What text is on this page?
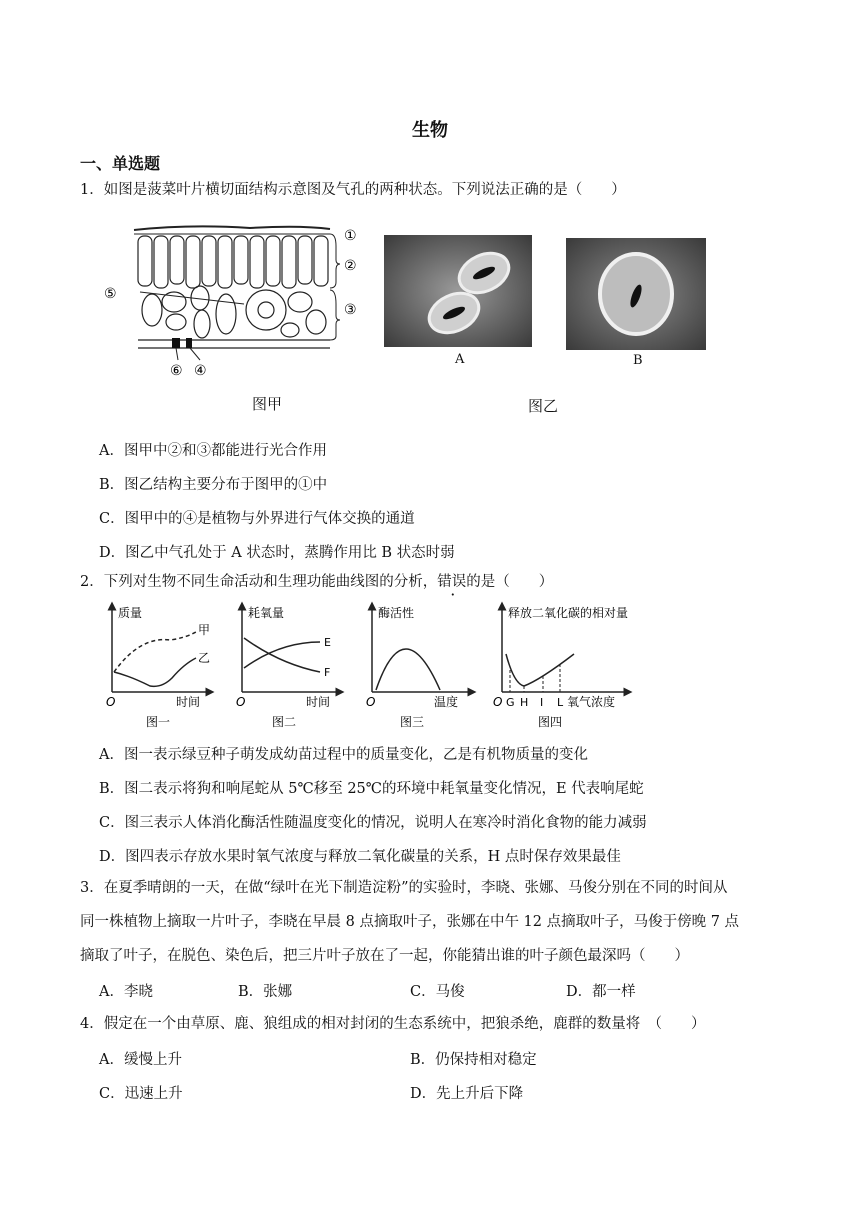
生物
一、单选题
1．如图是菠菜叶片横切面结构示意图及气孔的两种状态。下列说法正确的是（　　）
①
②
③
④
⑤
⑥
图甲
A	B
图乙
A．图甲中②和③都能进行光合作用
B．图乙结构主要分布于图甲的①中
C．图甲中的④是植物与外界进行气体交换的通道
D．图乙中气孔处于 A 状态时，蒸腾作用比 B 状态时弱
2．下列对生物不同生命活动和生理功能曲线图的分析，错误的是（　　）
质量
甲
乙
O	时间
图一
耗氧量
E
F
O	时间
图二
酶活性
O	温度
图三
释放二氧化碳的相对量
O G H I L 氧气浓度
图四
A．图一表示绿豆种子萌发成幼苗过程中的质量变化，乙是有机物质量的变化
B．图二表示将狗和响尾蛇从 5℃移至 25℃的环境中耗氧量变化情况，E 代表响尾蛇
C．图三表示人体消化酶活性随温度变化的情况，说明人在寒冷时消化食物的能力减弱
D．图四表示存放水果时氧气浓度与释放二氧化碳量的关系，H 点时保存效果最佳
3．在夏季晴朗的一天，在做“绿叶在光下制造淀粉”的实验时，李晓、张娜、马俊分别在不同的时间从
同一株植物上摘取一片叶子，李晓在早晨 8 点摘取叶子，张娜在中午 12 点摘取叶子，马俊于傍晚 7 点
摘取了叶子，在脱色、染色后，把三片叶子放在了一起，你能猜出谁的叶子颜色最深吗（　　）
A．李晓	B．张娜	C．马俊	D．都一样
4．假定在一个由草原、鹿、狼组成的相对封闭的生态系统中，把狼杀绝，鹿群的数量将　（　　）
A．缓慢上升	B．仍保持相对稳定
C．迅速上升	D．先上升后下降
